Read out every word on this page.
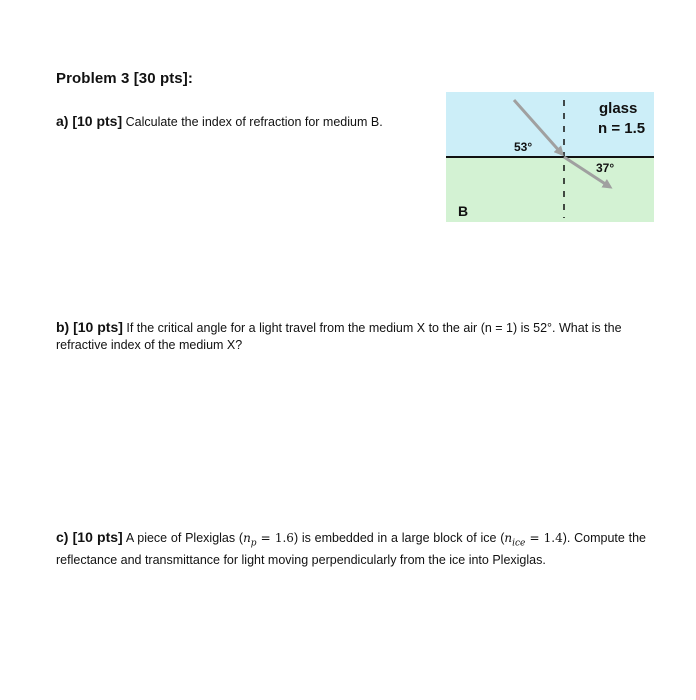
Problem 3 [30 pts]:
a) [10 pts] Calculate the index of refraction for medium B.
glass
n = 1.5
53°
37°
B
b) [10 pts] If the critical angle for a light travel from the medium X to the air (n = 1) is 52°. What is the refractive index of the medium X?
c) [10 pts] A piece of Plexiglas $(n_p = 1.6)$ is embedded in a large block of ice $(n_{ice} = 1.4)$. Compute the reflectance and transmittance for light moving perpendicularly from the ice into Plexiglas.
